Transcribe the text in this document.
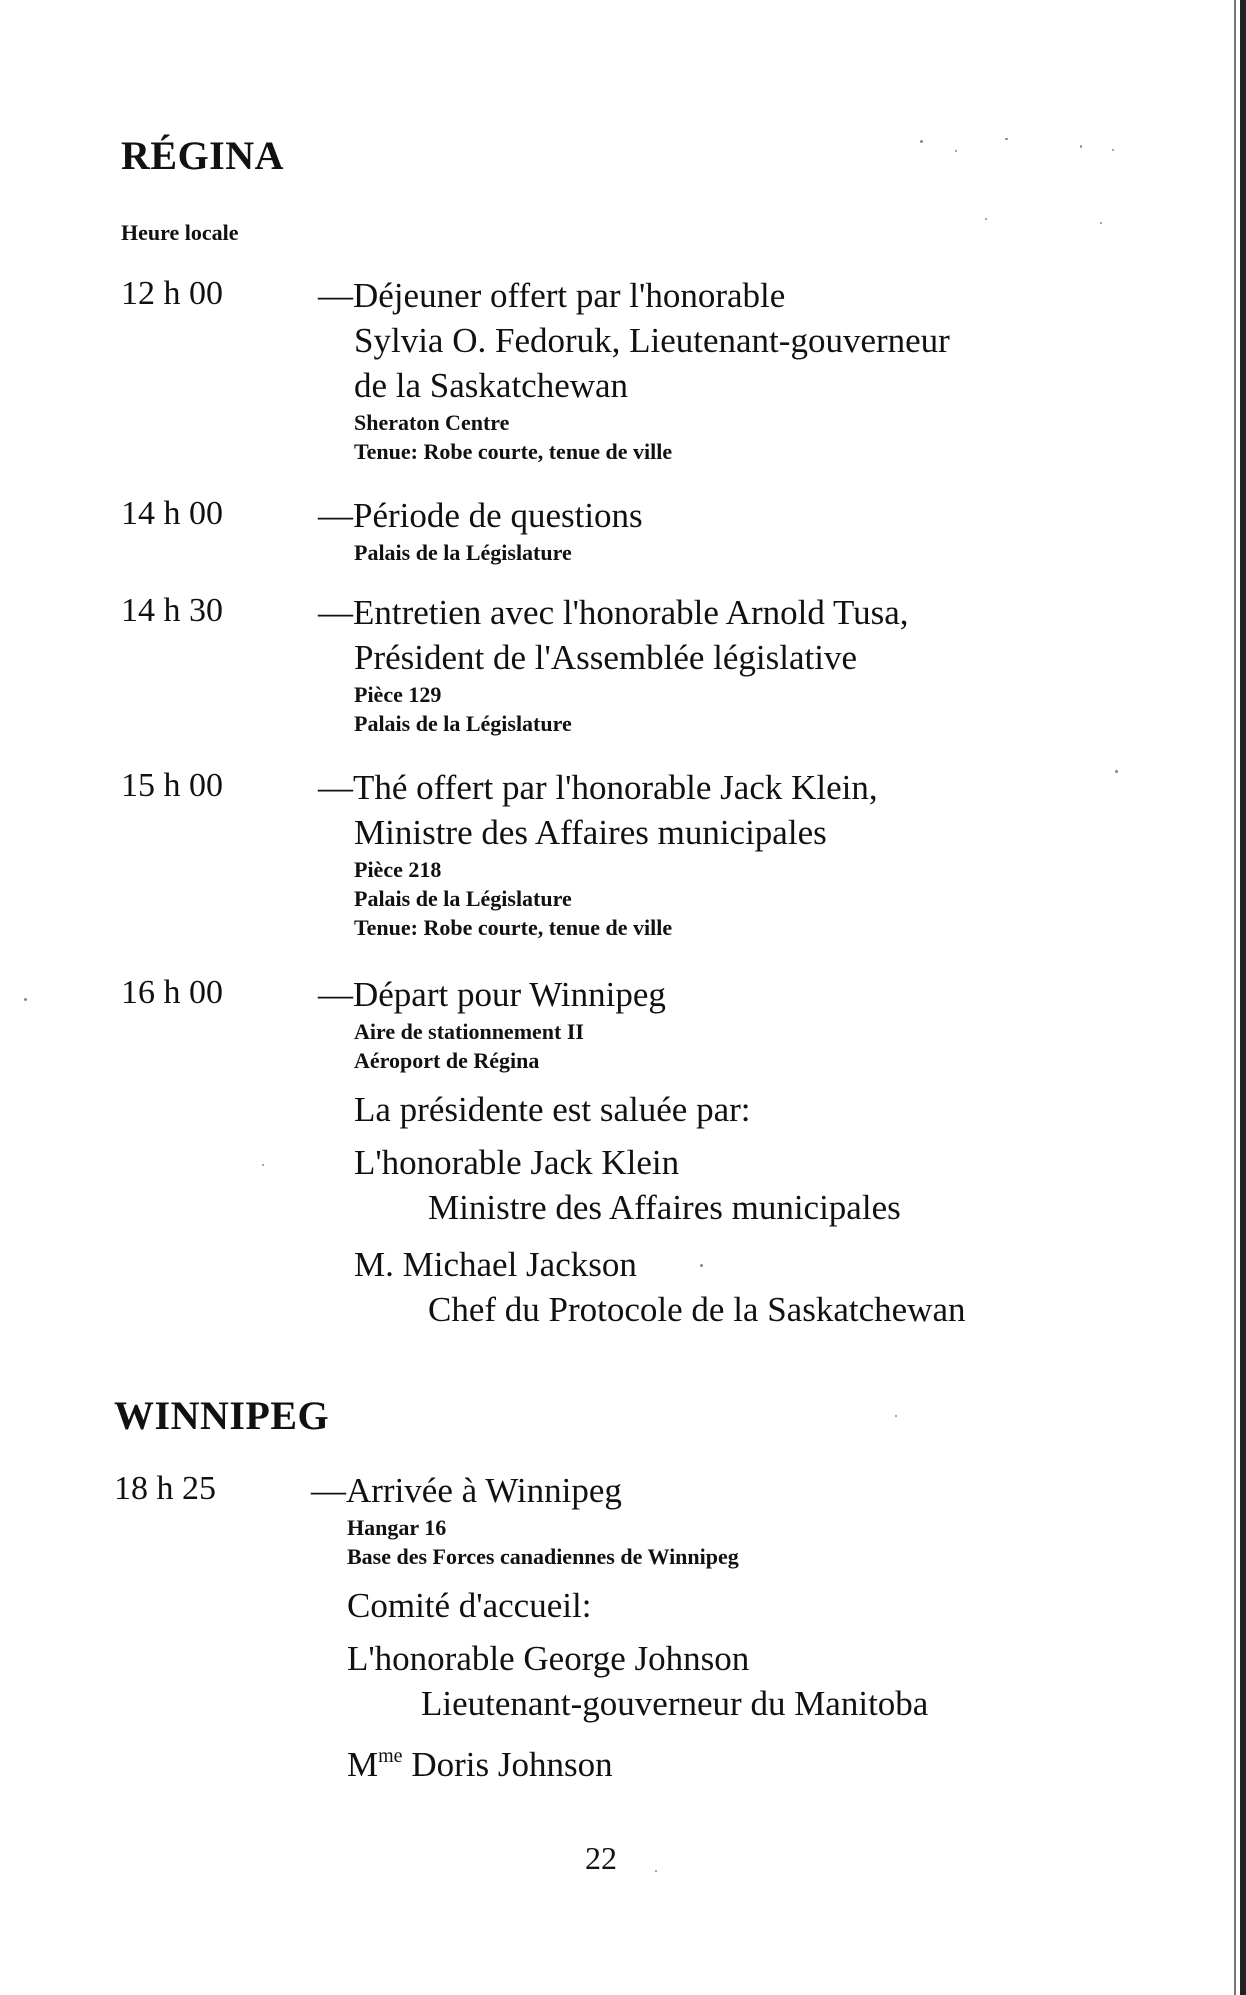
RÉGINA
Heure locale
12 h 00	—Déjeuner offert par l'honorable
Sylvia O. Fedoruk, Lieutenant-gouverneur
de la Saskatchewan
Sheraton Centre
Tenue: Robe courte, tenue de ville
14 h 00	—Période de questions
Palais de la Législature
14 h 30	—Entretien avec l'honorable Arnold Tusa,
Président de l'Assemblée législative
Pièce 129
Palais de la Législature
15 h 00	—Thé offert par l'honorable Jack Klein,
Ministre des Affaires municipales
Pièce 218
Palais de la Législature
Tenue: Robe courte, tenue de ville
16 h 00	—Départ pour Winnipeg
Aire de stationnement II
Aéroport de Régina
La présidente est saluée par:
L'honorable Jack Klein
Ministre des Affaires municipales
M. Michael Jackson
Chef du Protocole de la Saskatchewan
WINNIPEG
18 h 25	—Arrivée à Winnipeg
Hangar 16
Base des Forces canadiennes de Winnipeg
Comité d'accueil:
L'honorable George Johnson
Lieutenant-gouverneur du Manitoba
$M^{me}$ Doris Johnson
22
